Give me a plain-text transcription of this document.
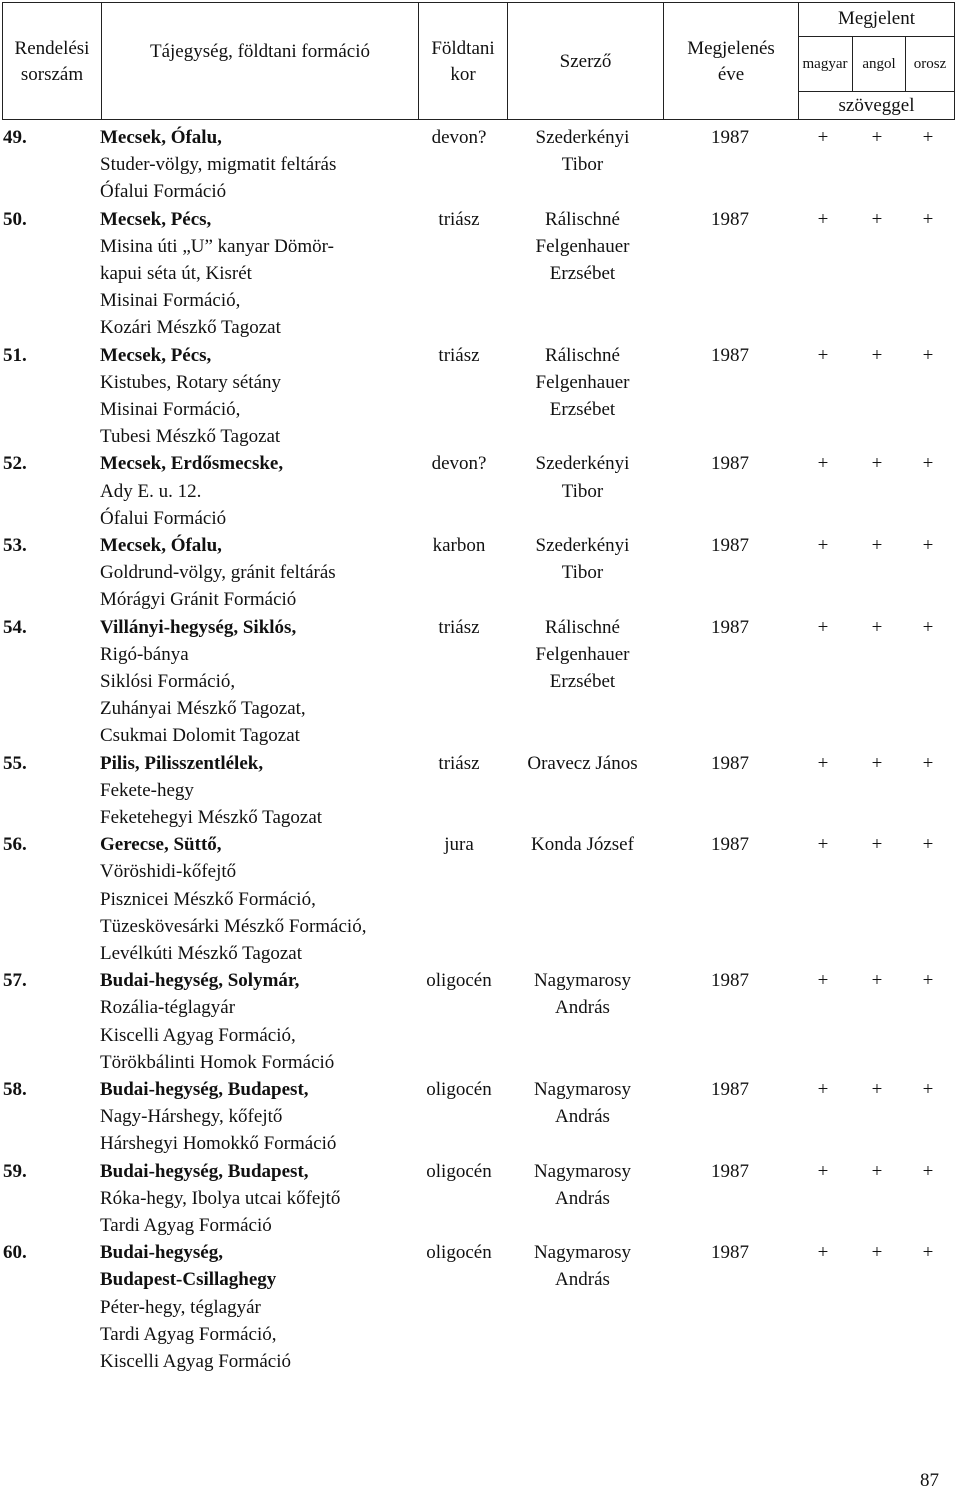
Rendelési
sorszám
Tájegység, földtani formáció	Földtani
kor
Szerző
Megjelenés
éve
Megjelent
magyar angol	orosz
szöveggel
49.	Mecsek, Ófalu,
Studer-völgy, migmatit feltárás
Ófalui Formáció
devon?	Szederkényi
Tibor
1987	+ + +
50.	Mecsek, Pécs,
Misina úti „U” kanyar Dömör-
kapui séta út, Kisrét
Misinai Formáció,
Kozári Mészkő Tagozat
triász	Rálischné
Felgenhauer
Erzsébet
1987	+ + +
51.	Mecsek, Pécs,
Kistubes, Rotary sétány
Misinai Formáció,
Tubesi Mészkő Tagozat
triász	Rálischné
Felgenhauer
Erzsébet
1987	+ + +
52.	Mecsek, Erdősmecske,
Ady E. u. 12.
Ófalui Formáció
devon?	Szederkényi
Tibor
1987	+ + +
53.	Mecsek, Ófalu,
Goldrund-völgy, gránit feltárás
Mórágyi Gránit Formáció
karbon	Szederkényi
Tibor
1987	+ + +
54.	Villányi-hegység, Siklós,
Rigó-bánya
Siklósi Formáció,
Zuhányai Mészkő Tagozat,
Csukmai Dolomit Tagozat
triász	Rálischné
Felgenhauer
Erzsébet
1987	+ + +
55.	Pilis, Pilisszentlélek,
Fekete-hegy
Feketehegyi Mészkő Tagozat
triász	Oravecz János	1987	+ + +
56.	Gerecse, Süttő,
Vöröshidi-kőfejtő
Pisznicei Mészkő Formáció,
Tüzeskövesárki Mészkő Formáció,
Levélkúti Mészkő Tagozat
jura	Konda József	1987	+ + +
57.	Budai-hegység, Solymár,
Rozália-téglagyár
Kiscelli Agyag Formáció,
Törökbálinti Homok Formáció
oligocén	Nagymarosy
András
1987	+ + +
58.	Budai-hegység, Budapest,
Nagy-Hárshegy, kőfejtő
Hárshegyi Homokkő Formáció
oligocén	Nagymarosy
András
1987	+ + +
59.	Budai-hegység, Budapest,
Róka-hegy, Ibolya utcai kőfejtő
Tardi Agyag Formáció
oligocén	Nagymarosy
András
1987	+ + +
60.	Budai-hegység,
Budapest-Csillaghegy
Péter-hegy, téglagyár
Tardi Agyag Formáció,
Kiscelli Agyag Formáció
oligocén	Nagymarosy
András
1987	+ + +
87
